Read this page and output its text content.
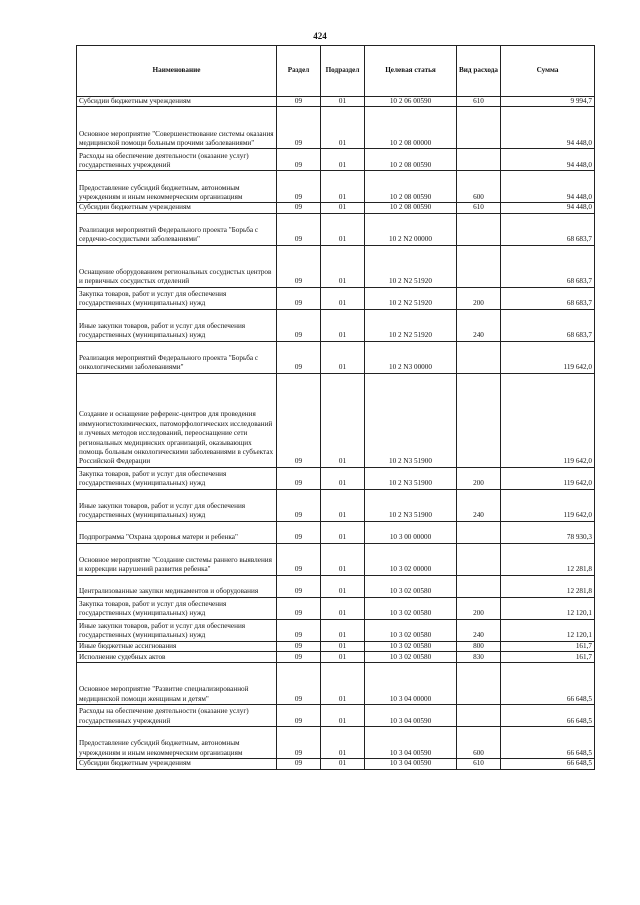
424
Наименование	Раздел	Подраздел	Целевая статья	Вид расхода	Сумма
Субсидии бюджетным учреждениям	09	01	10 2 06 00590	610	9 994,7
Основное мероприятие "Совершенствование системы оказания медицинской помощи больным прочими заболеваниями"	09	01	10 2 08 00000		94 448,0
Расходы на обеспечение деятельности (оказание услуг) государственных учреждений	09	01	10 2 08 00590		94 448,0
Предоставление субсидий бюджетным, автономным учреждениям и иным некоммерческим организациям	09	01	10 2 08 00590	600	94 448,0
Субсидии бюджетным учреждениям	09	01	10 2 08 00590	610	94 448,0
Реализация мероприятий Федерального проекта "Борьба с сердечно-сосудистыми заболеваниями"	09	01	10 2 N2 00000		68 683,7
Оснащение оборудованием региональных сосудистых центров и первичных сосудистых отделений	09	01	10 2 N2 51920		68 683,7
Закупка товаров, работ и услуг для обеспечения государственных (муниципальных) нужд	09	01	10 2 N2 51920	200	68 683,7
Иные закупки товаров, работ и услуг для обеспечения государственных (муниципальных) нужд	09	01	10 2 N2 51920	240	68 683,7
Реализация мероприятий Федерального проекта "Борьба с онкологическими заболеваниями"	09	01	10 2 N3 00000		119 642,0
Создание и оснащение референс-центров для проведения иммуногистохимических, патоморфологических исследований и лучевых методов исследований, переоснащение сети региональных медицинских организаций, оказывающих помощь больным онкологическими заболеваниями в субъектах Российской Федерации	09	01	10 2 N3 51900		119 642,0
Закупка товаров, работ и услуг для обеспечения государственных (муниципальных) нужд	09	01	10 2 N3 51900	200	119 642,0
Иные закупки товаров, работ и услуг для обеспечения государственных (муниципальных) нужд	09	01	10 2 N3 51900	240	119 642,0
Подпрограмма "Охрана здоровья матери и ребенка"	09	01	10 3 00 00000		78 930,3
Основное мероприятие "Создание системы раннего выявления и коррекции нарушений развития ребенка"	09	01	10 3 02 00000		12 281,8
Централизованные закупки медикаментов и оборудования	09	01	10 3 02 00580		12 281,8
Закупка товаров, работ и услуг для обеспечения государственных (муниципальных) нужд	09	01	10 3 02 00580	200	12 120,1
Иные закупки товаров, работ и услуг для обеспечения государственных (муниципальных) нужд	09	01	10 3 02 00580	240	12 120,1
Иные бюджетные ассигнования	09	01	10 3 02 00580	800	161,7
Исполнение судебных актов	09	01	10 3 02 00580	830	161,7
Основное мероприятие "Развитие специализированной медицинской помощи женщинам и детям"	09	01	10 3 04 00000		66 648,5
Расходы на обеспечение деятельности (оказание услуг) государственных учреждений	09	01	10 3 04 00590		66 648,5
Предоставление субсидий бюджетным, автономным учреждениям и иным некоммерческим организациям	09	01	10 3 04 00590	600	66 648,5
Субсидии бюджетным учреждениям	09	01	10 3 04 00590	610	66 648,5
